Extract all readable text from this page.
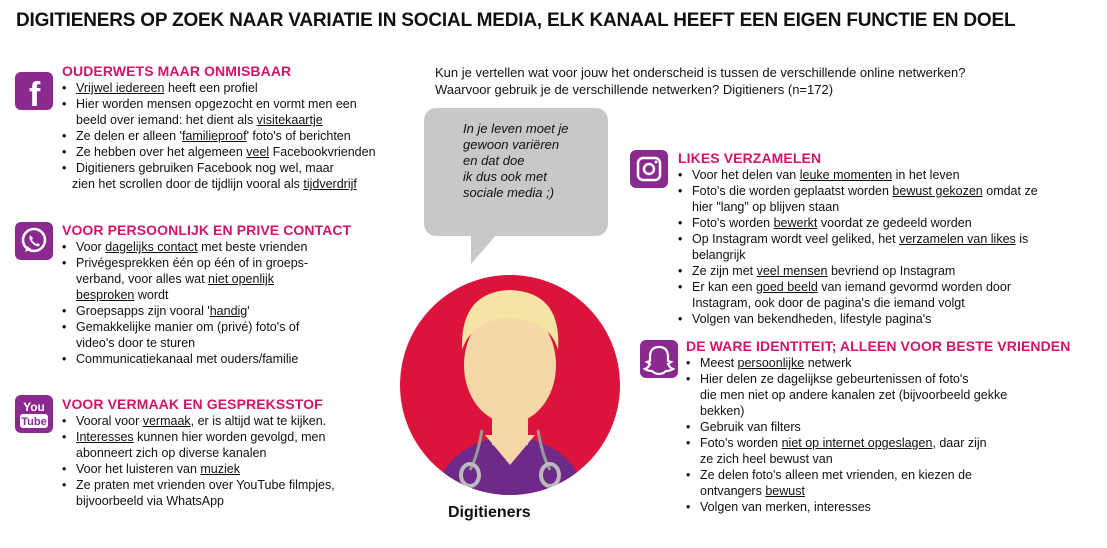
DIGITIENERS OP ZOEK NAAR VARIATIE IN SOCIAL MEDIA, ELK KANAAL HEEFT EEN EIGEN FUNCTIE EN DOEL
Kun je vertellen wat voor jouw het onderscheid is tussen de verschillende online netwerken?
Waarvoor gebruik je de verschillende netwerken? Digitieners (n=172)
f
OUDERWETS MAAR ONMISBAAR
• Vrijwel iedereen heeft een profiel
• Hier worden mensen opgezocht en vormt men een
beeld over iemand: het dient als visitekaartje
• Ze delen er alleen 'familieproof' foto's of berichten
• Ze hebben over het algemeen veel Facebookvrienden
• Digitieners gebruiken Facebook nog wel, maar
zien het scrollen door de tijdlijn vooral als tijdverdrijf
VOOR PERSOONLIJK EN PRIVE CONTACT
• Voor dagelijks contact met beste vrienden
• Privégesprekken één op één of in groeps-
verband, voor alles wat niet openlijk
besproken wordt
• Groepsapps zijn vooral 'handig'
• Gemakkelijke manier om (privé) foto's of
video's door te sturen
• Communicatiekanaal met ouders/familie
You
Tube
VOOR VERMAAK EN GESPREKSSTOF
• Vooral voor vermaak, er is altijd wat te kijken.
• Interesses kunnen hier worden gevolgd, men
abonneert zich op diverse kanalen
• Voor het luisteren van muziek
• Ze praten met vrienden over YouTube filmpjes,
bijvoorbeeld via WhatsApp
In je leven moet je
gewoon variëren
en dat doe
ik dus ook met
sociale media ;)
Digitieners
LIKES VERZAMELEN
• Voor het delen van leuke momenten in het leven
• Foto's die worden geplaatst worden bewust gekozen omdat ze
hier "lang" op blijven staan
• Foto's worden bewerkt voordat ze gedeeld worden
• Op Instagram wordt veel geliked, het verzamelen van likes is
belangrijk
• Ze zijn met veel mensen bevriend op Instagram
• Er kan een goed beeld van iemand gevormd worden door
Instagram, ook door de pagina's die iemand volgt
• Volgen van bekendheden, lifestyle pagina's
DE WARE IDENTITEIT; ALLEEN VOOR BESTE VRIENDEN
• Meest persoonlijke netwerk
• Hier delen ze dagelijkse gebeurtenissen of foto's
die men niet op andere kanalen zet (bijvoorbeeld gekke
bekken)
• Gebruik van filters
• Foto's worden niet op internet opgeslagen, daar zijn
ze zich heel bewust van
• Ze delen foto's alleen met vrienden, en kiezen de
ontvangers bewust
• Volgen van merken, interesses
